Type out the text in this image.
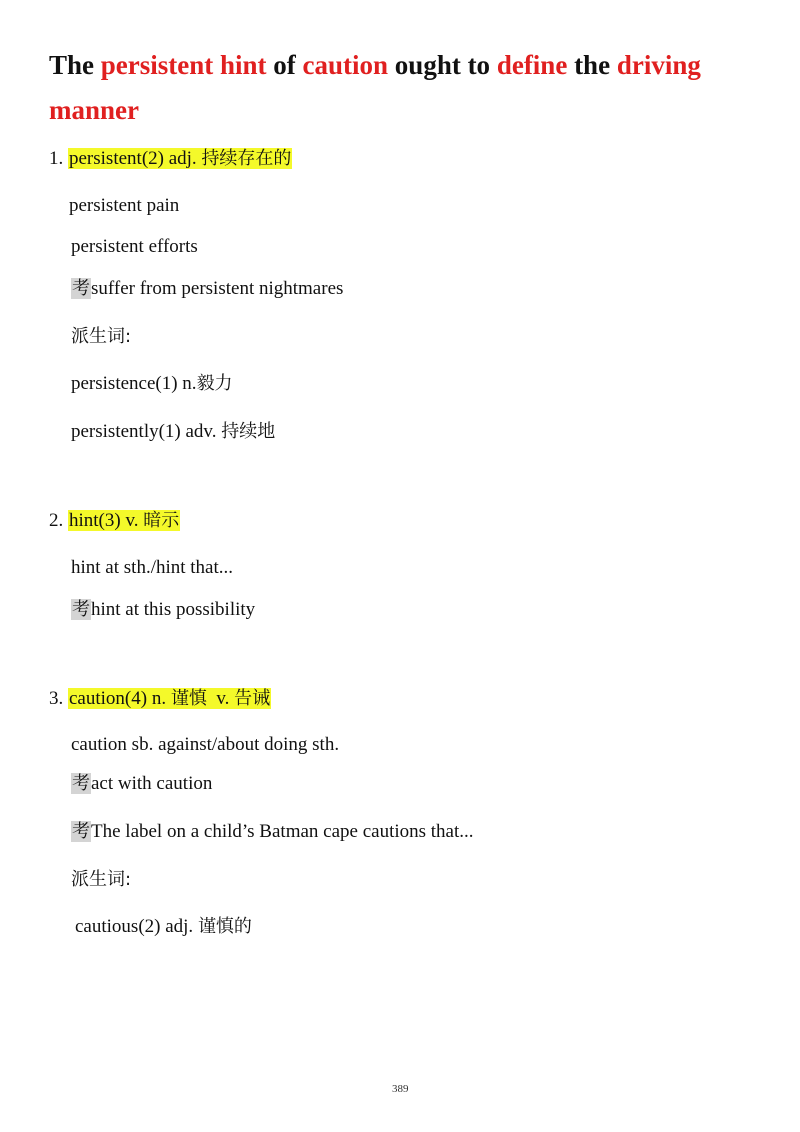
The persistent hint of caution ought to define the driving
manner
1. persistent(2) adj. 持续存在的
persistent pain
persistent efforts
考suffer from persistent nightmares
派生词:
persistence(1) n.毅力
persistently(1) adv. 持续地
2. hint(3) v. 暗示
hint at sth./hint that...
考hint at this possibility
3. caution(4) n. 谨慎 v. 告诫
caution sb. against/about doing sth.
考act with caution
考The label on a child’s Batman cape cautions that...
派生词:
cautious(2) adj. 谨慎的
389
